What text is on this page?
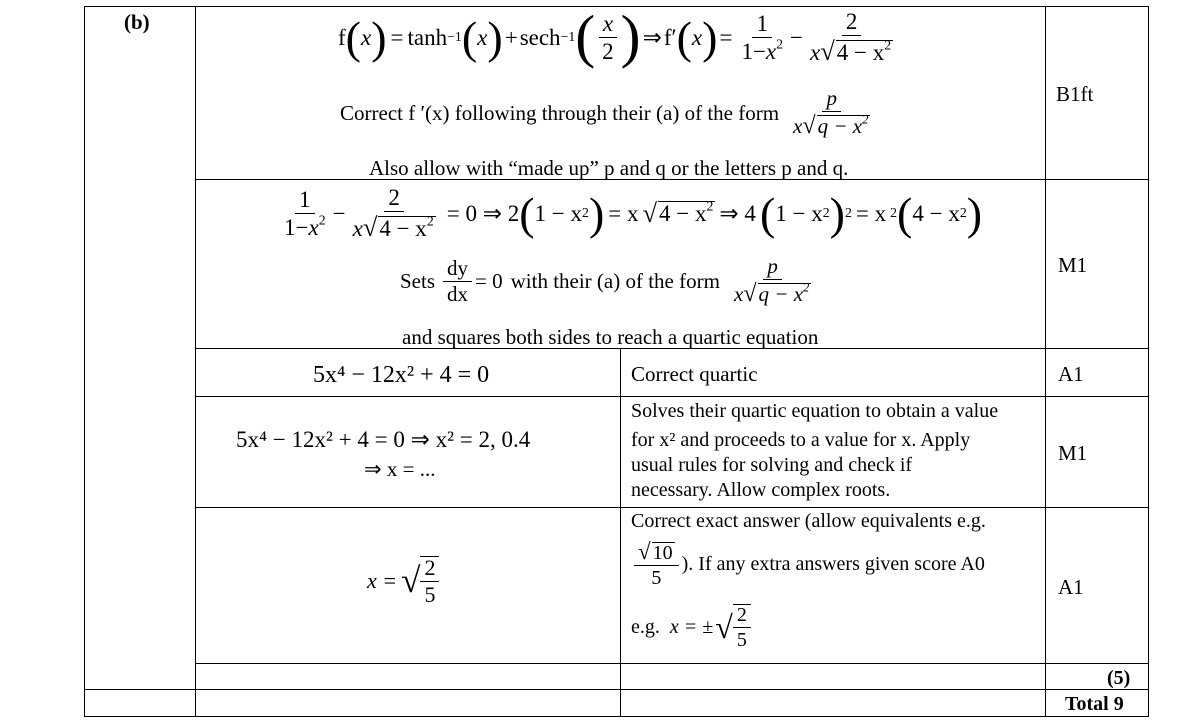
(b)
f ( x ) = tanh −1 ( x ) + sech −1 ( $\frac{x}{2}$ ) ⇒ f′ ( x ) = $\frac{1}{1-x^2} - \frac{2}{x√4 - x^2}$
Correct f ′(x) following through their (a) of the form $\frac{p}{x√q - x^2}$
Also allow with “made up” p and q or the letters p and q.
B1ft
$\frac{1}{1-x^2} - \frac{2}{x√4 - x^2} = 0$ ⇒ 2 ( 1 − x 2 ) = x √ $4 - x^2$ ⇒ 4 ( 1 − x 2 ) 2 = x 2 ( 4 − x 2 )
Sets $\frac{dy}{dx} = 0$ with their (a) of the form $\frac{p}{x√q - x^2}$
and squares both sides to reach a quartic equation
M1
5x⁴ − 12x² + 4 = 0	Correct quartic	A1
5x⁴ − 12x² + 4 = 0 ⇒ x² = 2, 0.4
⇒ x = ...
Solves their quartic equation to obtain a value
for x² and proceeds to a value for x. Apply
usual rules for solving and check if
necessary. Allow complex roots.
M1
x = √ $\frac{2}{5}$
Correct exact answer (allow equivalents e.g.
$\frac{√ 10}{5}$ ). If any extra answers given score A0
e.g. x = ± √ $\frac{2}{5}$
A1
(5)
Total 9
